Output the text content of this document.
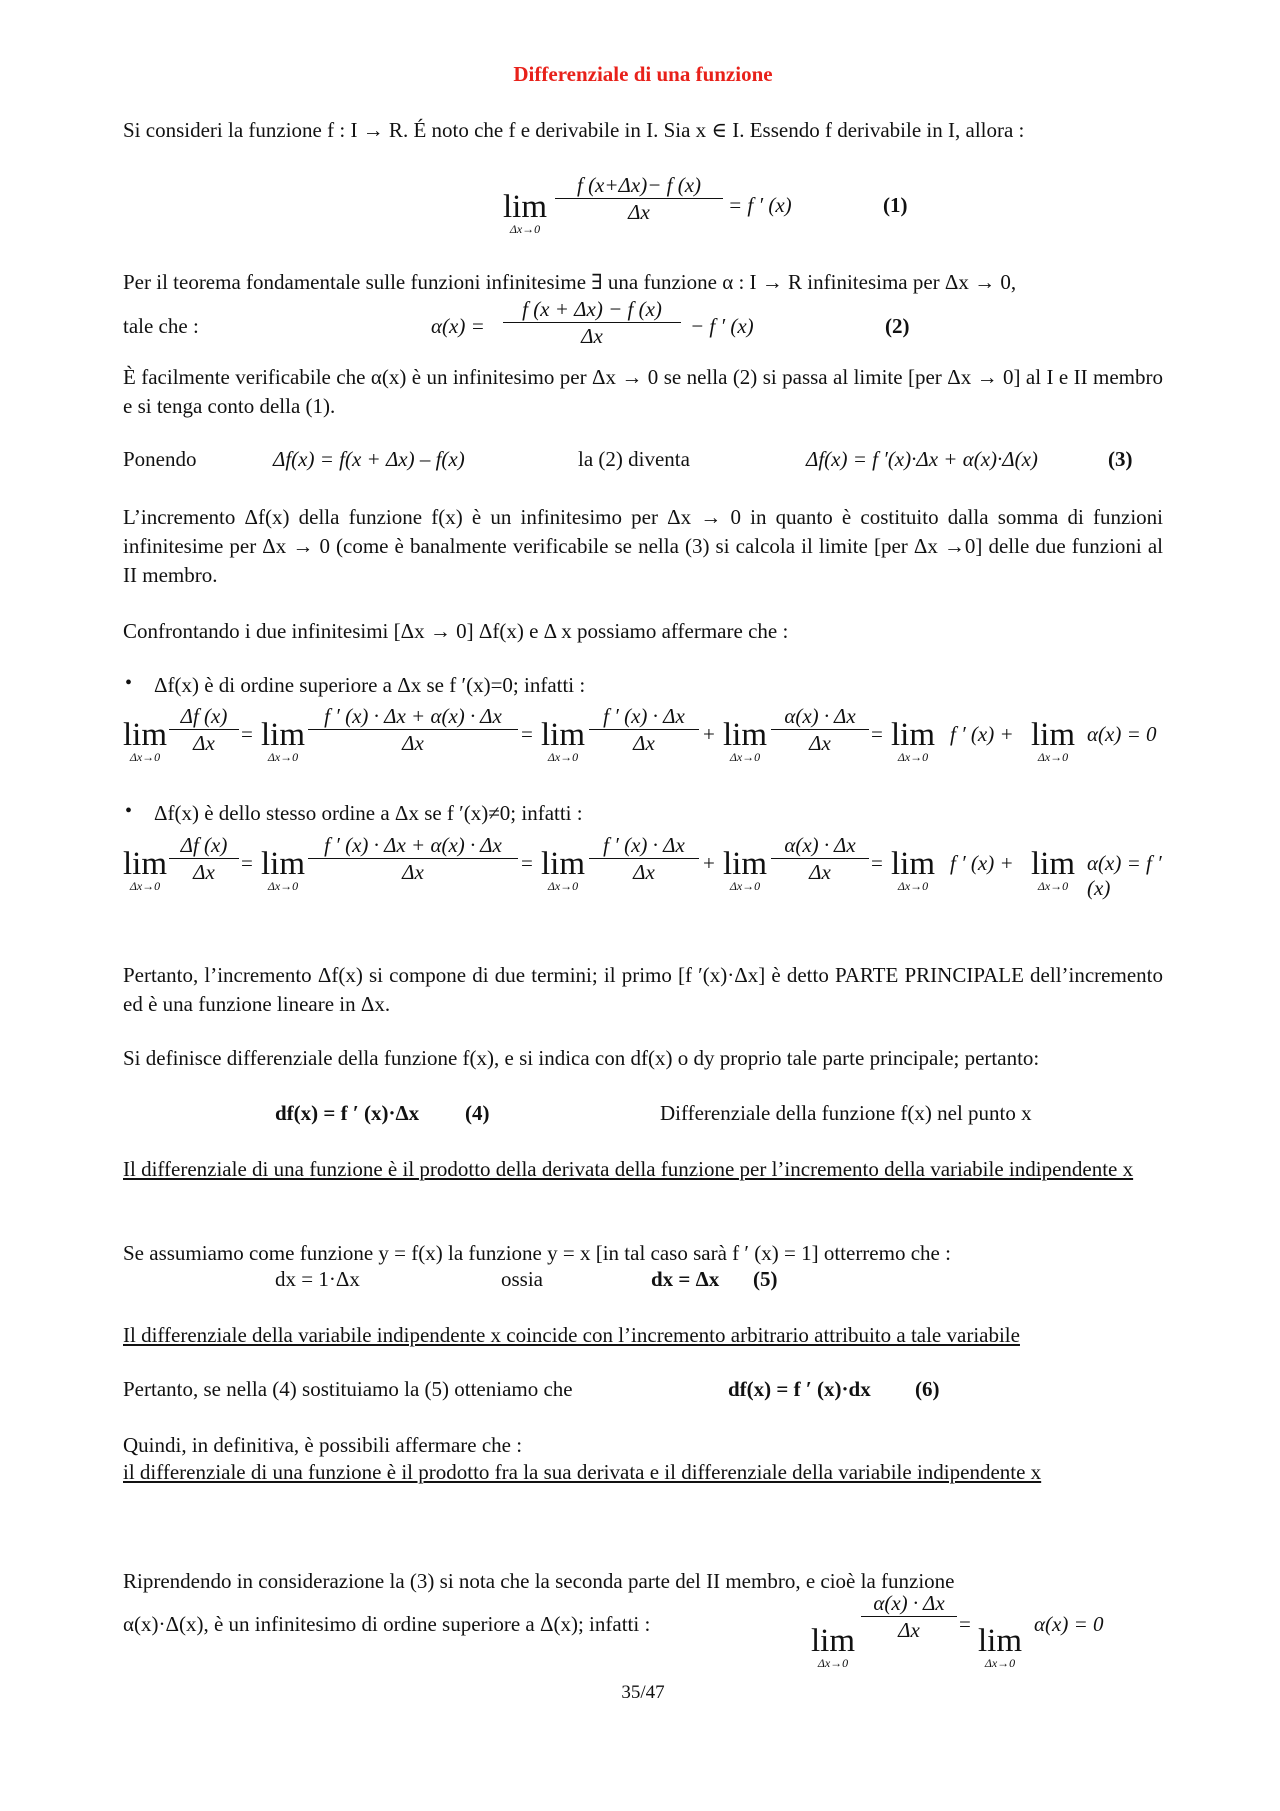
Differenziale di una funzione
Si consideri la funzione f : I → R. É noto che f e derivabile in I. Sia x ∈ I. Essendo f derivabile in I, allora :
lim
Δx→0
$\frac{f (x+\Delta x)- f (x)}{\Delta x} = f$ ′ (x)	(1)
Per il teorema fondamentale sulle funzioni infinitesime ∃ una funzione α : I → R infinitesima per Δx → 0,
tale che :	$\alpha(x) = \frac{f (x + \Delta x) - f (x)}{\Delta x} - f$ ′ (x)	(2)
È facilmente verificabile che α(x) è un infinitesimo per Δx → 0 se nella (2) si passa al limite [per Δx → 0] al I e II membro e si tenga conto della (1).
Ponendo	Δf(x) = f(x + Δx) – f(x)	la (2) diventa	Δf(x) = f ′(x)·Δx + α(x)·Δ(x)	(3)
L’incremento Δf(x) della funzione f(x) è un infinitesimo per Δx → 0 in quanto è costituito dalla somma di funzioni infinitesime per Δx → 0 (come è banalmente verificabile se nella (3) si calcola il limite [per Δx →0] delle due funzioni al II membro.
Confrontando i due infinitesimi [Δx → 0] Δf(x) e Δ x possiamo affermare che :
• Δf(x) è di ordine superiore a Δx se f ′(x)=0; infatti :
lim
Δx→0
$\frac{\Delta f (x)}{\Delta x} = \lim$
Δx→0
$\frac{f ' (x) \cdot \Delta x + \alpha(x) \cdot \Delta x}{\Delta x} = \lim$
Δx→0
$\frac{f ' (x) \cdot \Delta x}{\Delta x} + \lim$
Δx→0
$\frac{\alpha(x) \cdot \Delta x}{\Delta x} = \lim$
Δx→0
f ′ (x) + lim
Δx→0
α(x) = 0
• Δf(x) è dello stesso ordine a Δx se f ′(x)≠0; infatti :
lim
Δx→0
$\frac{\Delta f (x)}{\Delta x} = \lim$
Δx→0
$\frac{f ' (x) \cdot \Delta x + \alpha(x) \cdot \Delta x}{\Delta x} = \lim$
Δx→0
$\frac{f ' (x) \cdot \Delta x}{\Delta x} + \lim$
Δx→0
$\frac{\alpha(x) \cdot \Delta x}{\Delta x} = \lim$
Δx→0
f ′ (x) + lim
Δx→0
α(x) = f ′ (x)
Pertanto, l’incremento Δf(x) si compone di due termini; il primo [f ′(x)·Δx] è detto PARTE PRINCIPALE dell’incremento ed è una funzione lineare in Δx.
Si definisce differenziale della funzione f(x), e si indica con df(x) o dy proprio tale parte principale; pertanto:
df(x) = f ′ (x)·Δx (4)	Differenziale della funzione f(x) nel punto x
Il differenziale di una funzione è il prodotto della derivata della funzione per l’incremento della variabile indipendente x
Se assumiamo come funzione y = f(x) la funzione y = x [in tal caso sarà f ′ (x) = 1] otterremo che :
dx = 1·Δx	ossia	dx = Δx (5)
Il differenziale della variabile indipendente x coincide con l’incremento arbitrario attribuito a tale variabile
Pertanto, se nella (4) sostituiamo la (5) otteniamo che	df(x) = f ′ (x)·dx (6)
Quindi, in definitiva, è possibili affermare che :
il differenziale di una funzione è il prodotto fra la sua derivata e il differenziale della variabile indipendente x
Riprendendo in considerazione la (3) si nota che la seconda parte del II membro, e cioè la funzione
α(x)·Δ(x), è un infinitesimo di ordine superiore a Δ(x); infatti :	lim
Δx→0
$\frac{\alpha(x) \cdot \Delta x}{\Delta x} = \lim$
Δx→0
α(x) = 0
35/47
